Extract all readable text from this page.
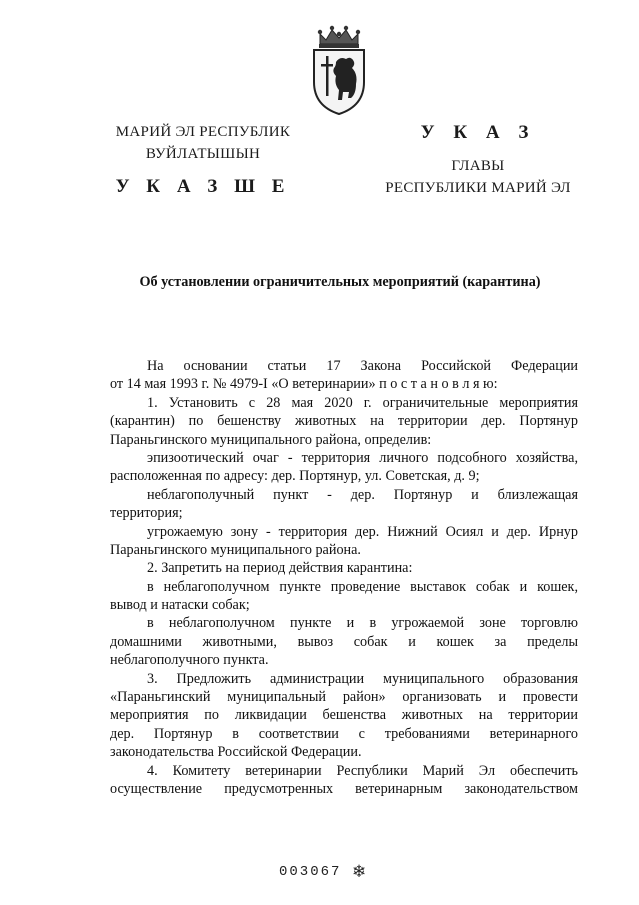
МАРИЙ ЭЛ РЕСПУБЛИК
ВУЙЛАТЫШЫН
У К А З Ш Е
У К А З
ГЛАВЫ
РЕСПУБЛИКИ МАРИЙ ЭЛ
Об установлении ограничительных мероприятий (карантина)
На основании статьи 17 Закона Российской Федерации
от 14 мая 1993 г. № 4979-I «О ветеринарии» п о с т а н о в л я ю:
1. Установить с 28 мая 2020 г. ограничительные мероприятия
(карантин) по бешенству животных на территории дер. Портянур
Параньгинского муниципального района, определив:
эпизоотический очаг - территория личного подсобного хозяйства,
расположенная по адресу: дер. Портянур, ул. Советская, д. 9;
неблагополучный пункт - дер. Портянур и близлежащая
территория;
угрожаемую зону - территория дер. Нижний Осиял и дер. Ирнур
Параньгинского муниципального района.
2. Запретить на период действия карантина:
в неблагополучном пункте проведение выставок собак и кошек,
вывод и натаски собак;
в неблагополучном пункте и в угрожаемой зоне торговлю
домашними животными, вывоз собак и кошек за пределы
неблагополучного пункта.
3. Предложить администрации муниципального образования
«Параньгинский муниципальный район» организовать и провести
мероприятия по ликвидации бешенства животных на территории
дер. Портянур в соответствии с требованиями ветеринарного
законодательства Российской Федерации.
4. Комитету ветеринарии Республики Марий Эл обеспечить
осуществление предусмотренных ветеринарным законодательством
003067 ❄
